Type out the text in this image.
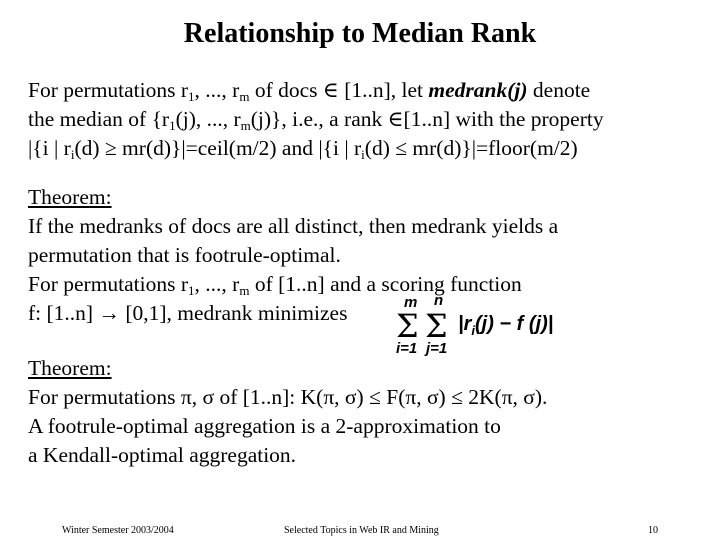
Relationship to Median Rank
For permutations $r_1$, ..., $r_m$ of docs ∈ [1..n], let medrank(j) denote
the median of {$r_1(j)$, ..., $r_m(j)$}, i.e., a rank ∈[1..n] with the property
|{i | $r_i(d)$ ≥ mr(d)}|=ceil(m/2) and |{i | $r_i(d)$ ≤ mr(d)}|=floor(m/2)
Theorem:
If the medranks of docs are all distinct, then medrank yields a
permutation that is footrule-optimal.
For permutations $r_1$, ..., $r_m$ of [1..n] and a scoring function
f: [1..n] → [0,1], medrank minimizes	m n
Σ Σ
i=1 j=1
$|r_i(j) - f$ (j)|
Theorem:
For permutations π, σ of [1..n]: K(π, σ) ≤ F(π, σ) ≤ 2K(π, σ).
A footrule-optimal aggregation is a 2-approximation to
a Kendall-optimal aggregation.
Winter Semester 2003/2004	Selected Topics in Web IR and Mining	10
